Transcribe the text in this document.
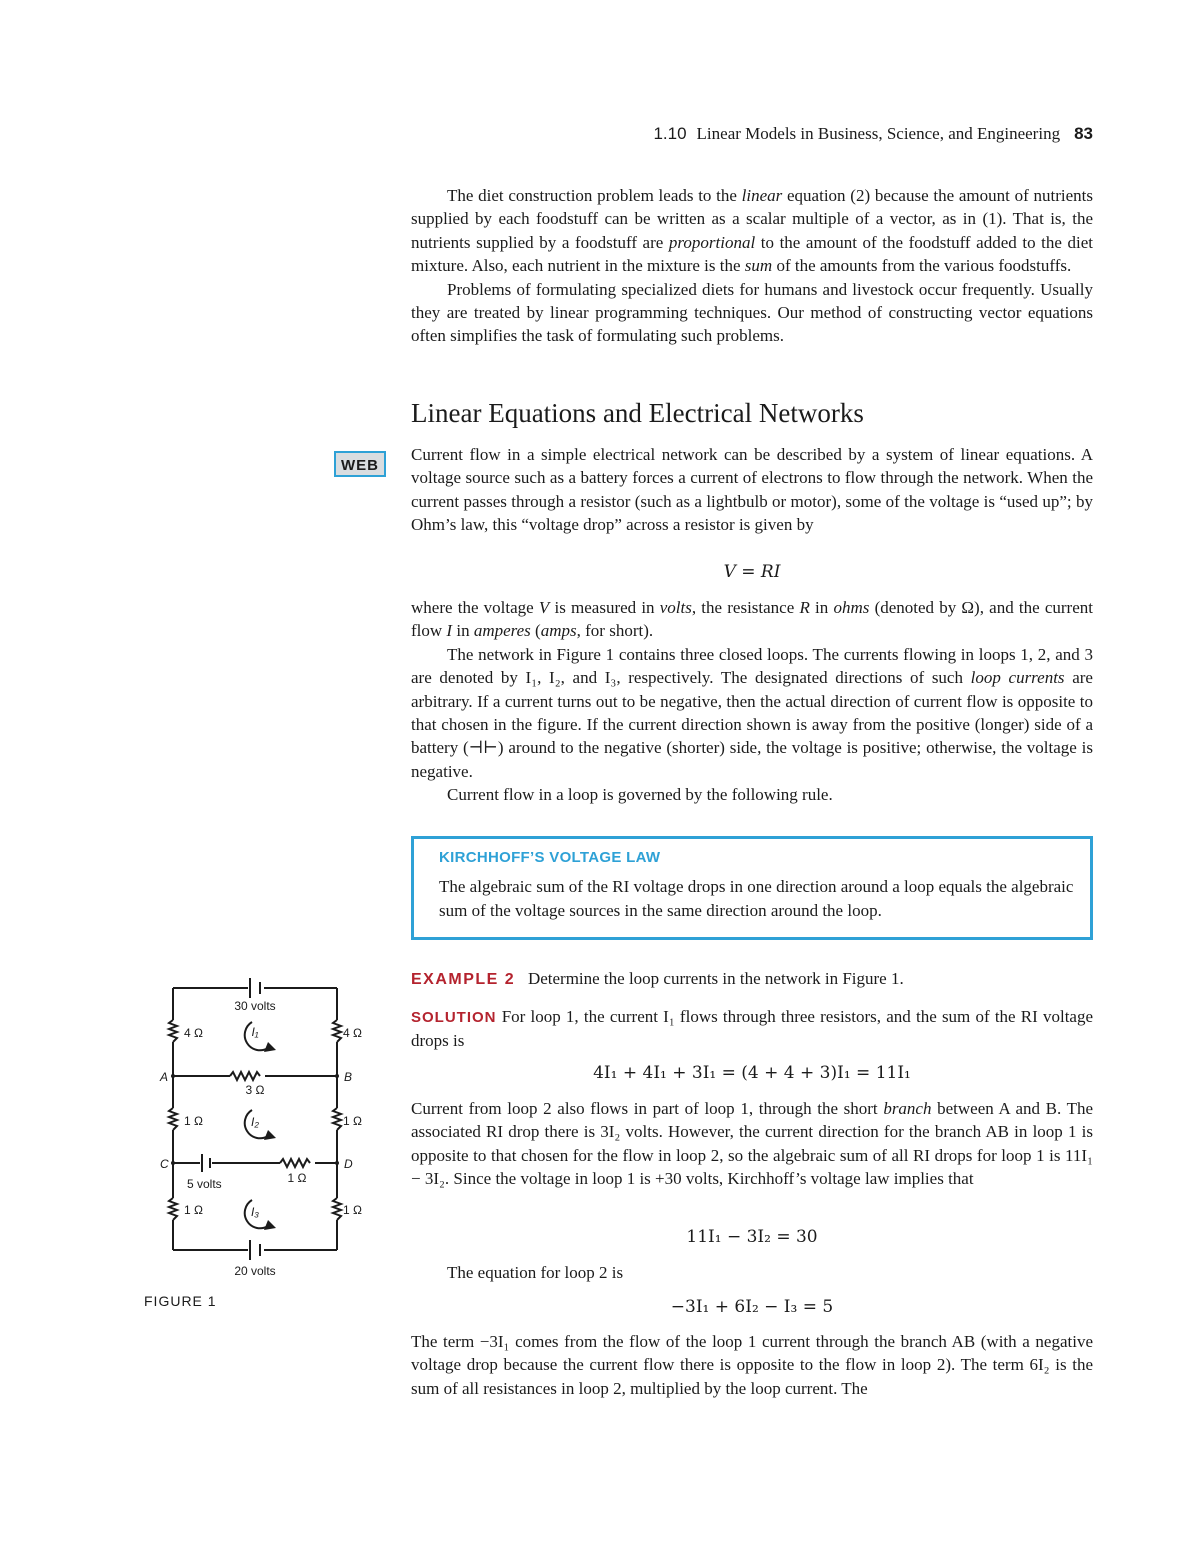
1.10 Linear Models in Business, Science, and Engineering 83

The diet construction problem leads to the linear equation (2) because the amount of nutrients supplied by each foodstuff can be written as a scalar multiple of a vector, as in (1). That is, the nutrients supplied by a foodstuff are proportional to the amount of the foodstuff added to the diet mixture. Also, each nutrient in the mixture is the sum of the amounts from the various foodstuffs.

Problems of formulating specialized diets for humans and livestock occur frequently. Usually they are treated by linear programming techniques. Our method of constructing vector equations often simplifies the task of formulating such problems.

Linear Equations and Electrical Networks
WEB

Current flow in a simple electrical network can be described by a system of linear equations. A voltage source such as a battery forces a current of electrons to flow through the network. When the current passes through a resistor (such as a lightbulb or motor), some of the voltage is “used up”; by Ohm’s law, this “voltage drop” across a resistor is given by

V = RI

where the voltage V is measured in volts, the resistance R in ohms (denoted by Ω), and the current flow I in amperes (amps, for short).

The network in Figure 1 contains three closed loops. The currents flowing in loops 1, 2, and 3 are denoted by I₁, I₂, and I₃, respectively. The designated directions of such loop currents are arbitrary. If a current turns out to be negative, then the actual direction of current flow is opposite to that chosen in the figure. If the current direction shown is away from the positive (longer) side of a battery (⊣⊢) around to the negative (shorter) side, the voltage is positive; otherwise, the voltage is negative.

Current flow in a loop is governed by the following rule.

KIRCHHOFF’S VOLTAGE LAW
The algebraic sum of the RI voltage drops in one direction around a loop equals the algebraic sum of the voltage sources in the same direction around the loop.

EXAMPLE 2 Determine the loop currents in the network in Figure 1.

SOLUTION For loop 1, the current I₁ flows through three resistors, and the sum of the RI voltage drops is

4I₁ + 4I₁ + 3I₁ = (4 + 4 + 3)I₁ = 11I₁

Current from loop 2 also flows in part of loop 1, through the short branch between A and B. The associated RI drop there is 3I₂ volts. However, the current direction for the branch AB in loop 1 is opposite to that chosen for the flow in loop 2, so the algebraic sum of all RI drops for loop 1 is 11I₁ − 3I₂. Since the voltage in loop 1 is +30 volts, Kirchhoff’s voltage law implies that

11I₁ − 3I₂ = 30

The equation for loop 2 is

−3I₁ + 6I₂ − I₃ = 5

The term −3I₁ comes from the flow of the loop 1 current through the branch AB (with a negative voltage drop because the current flow there is opposite to the flow in loop 2). The term 6I₂ is the sum of all resistances in loop 2, multiplied by the loop current. The

30 volts
4 Ω	4 Ω
I₁
A	B
3 Ω
1 Ω	1 Ω
I₂
C	D
1 Ω
5 volts
1 Ω	1 Ω
I₃
20 volts
FIGURE 1
